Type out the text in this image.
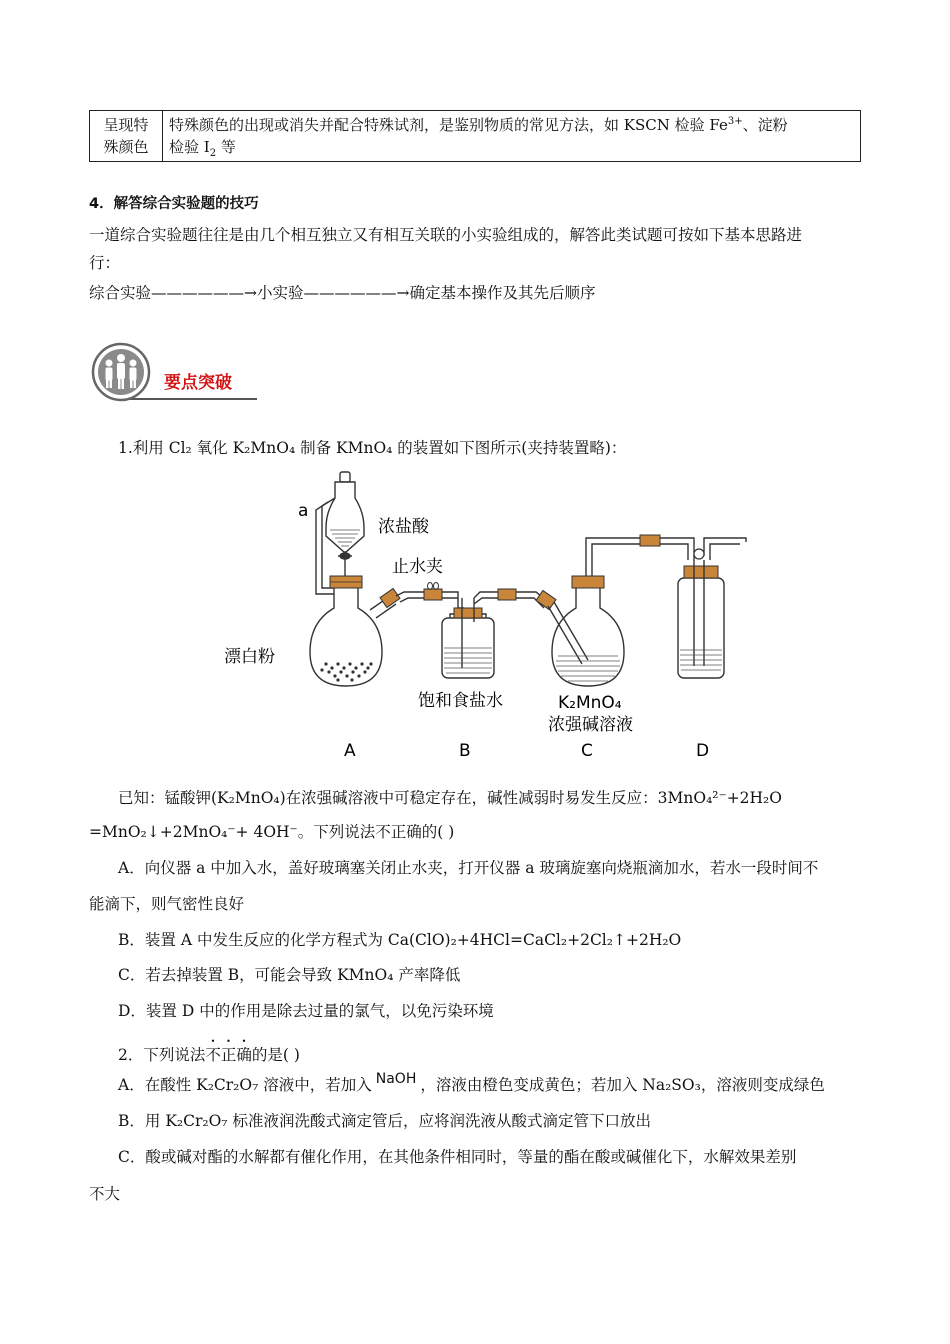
呈现特
殊颜色

特殊颜色的出现或消失并配合特殊试剂，是鉴别物质的常见方法，如 KSCN 检验 $Fe^{3+}$、淀粉
检验 $I_2$ 等
4．解答综合实验题的技巧
一道综合实验题往往是由几个相互独立又有相互关联的小实验组成的，解答此类试题可按如下基本思路进
行：
综合实验——————→小实验——————→确定基本操作及其先后顺序
要点突破
1.利用 Cl₂ 氧化 K₂MnO₄ 制备 KMnO₄ 的装置如下图所示(夹持装置略)：
a
浓盐酸
止水夹
漂白粉
饱和食盐水	K₂MnO₄
浓强碱溶液
A	B	C	D
已知：锰酸钾(K₂MnO₄)在浓强碱溶液中可稳定存在，碱性减弱时易发生反应：3MnO₄²⁻+2H₂O
=MnO₂↓+2MnO₄⁻+ 4OH⁻。下列说法不正确的( )
A．向仪器 a 中加入水，盖好玻璃塞关闭止水夹，打开仪器 a 玻璃旋塞向烧瓶滴加水，若水一段时间不
能滴下，则气密性良好
B．装置 A 中发生反应的化学方程式为 Ca(ClO)₂+4HCl=CaCl₂+2Cl₂↑+2H₂O
C．若去掉装置 B，可能会导致 KMnO₄ 产率降低
D．装置 D 中的作用是除去过量的氯气，以免污染环境
2．下列说法不正确的是( )
A．在酸性 K₂Cr₂O₇ 溶液中，若加入 NaOH ，溶液由橙色变成黄色；若加入 Na₂SO₃，溶液则变成绿色
B．用 K₂Cr₂O₇ 标准液润洗酸式滴定管后，应将润洗液从酸式滴定管下口放出
C．酸或碱对酯的水解都有催化作用，在其他条件相同时，等量的酯在酸或碱催化下，水解效果差别
不大
